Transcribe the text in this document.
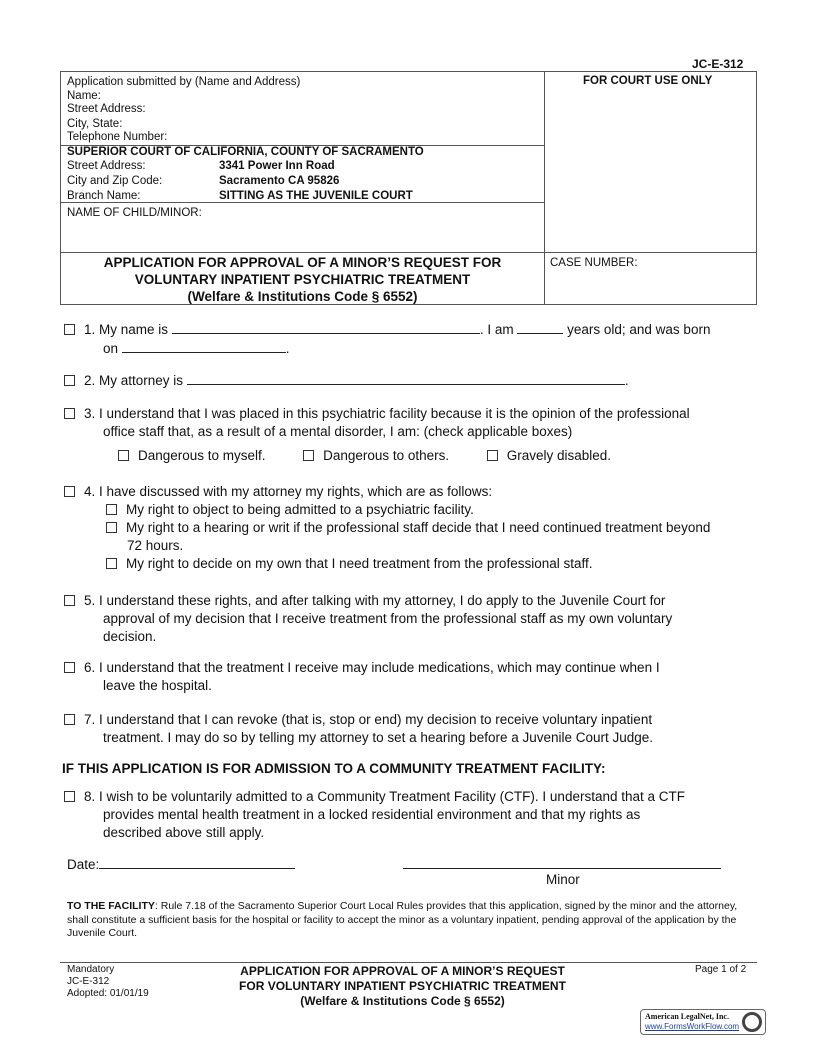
JC-E-312
Application submitted by (Name and Address)
Name:
Street Address:
City, State:
Telephone Number:
FOR COURT USE ONLY
SUPERIOR COURT OF CALIFORNIA, COUNTY OF SACRAMENTO
Street Address:	3341 Power Inn Road
City and Zip Code:	Sacramento CA 95826
Branch Name:	SITTING AS THE JUVENILE COURT
NAME OF CHILD/MINOR:
APPLICATION FOR APPROVAL OF A MINOR’S REQUEST FOR
VOLUNTARY INPATIENT PSYCHIATRIC TREATMENT
(Welfare & Institutions Code § 6552)
CASE NUMBER:
1. My name is	. I am	years old; and was born
on	.
2. My attorney is	.
3. I understand that I was placed in this psychiatric facility because it is the opinion of the professional
office staff that, as a result of a mental disorder, I am: (check applicable boxes)
Dangerous to myself.	Dangerous to others.	Gravely disabled.
4. I have discussed with my attorney my rights, which are as follows:
My right to object to being admitted to a psychiatric facility.
My right to a hearing or writ if the professional staff decide that I need continued treatment beyond
72 hours.
My right to decide on my own that I need treatment from the professional staff.
5. I understand these rights, and after talking with my attorney, I do apply to the Juvenile Court for
approval of my decision that I receive treatment from the professional staff as my own voluntary
decision.
6. I understand that the treatment I receive may include medications, which may continue when I
leave the hospital.
7. I understand that I can revoke (that is, stop or end) my decision to receive voluntary inpatient
treatment. I may do so by telling my attorney to set a hearing before a Juvenile Court Judge.
IF THIS APPLICATION IS FOR ADMISSION TO A COMMUNITY TREATMENT FACILITY:
8. I wish to be voluntarily admitted to a Community Treatment Facility (CTF). I understand that a CTF
provides mental health treatment in a locked residential environment and that my rights as
described above still apply.
Date:
Minor
TO THE FACILITY: Rule 7.18 of the Sacramento Superior Court Local Rules provides that this application, signed by the minor and the attorney, shall constitute a sufficient basis for the hospital or facility to accept the minor as a voluntary inpatient, pending approval of the application by the Juvenile Court.
Mandatory
JC-E-312
Adopted: 01/01/19
APPLICATION FOR APPROVAL OF A MINOR’S REQUEST
FOR VOLUNTARY INPATIENT PSYCHIATRIC TREATMENT
(Welfare & Institutions Code § 6552)
Page 1 of 2
American LegalNet, Inc.
www.FormsWorkFlow.com
